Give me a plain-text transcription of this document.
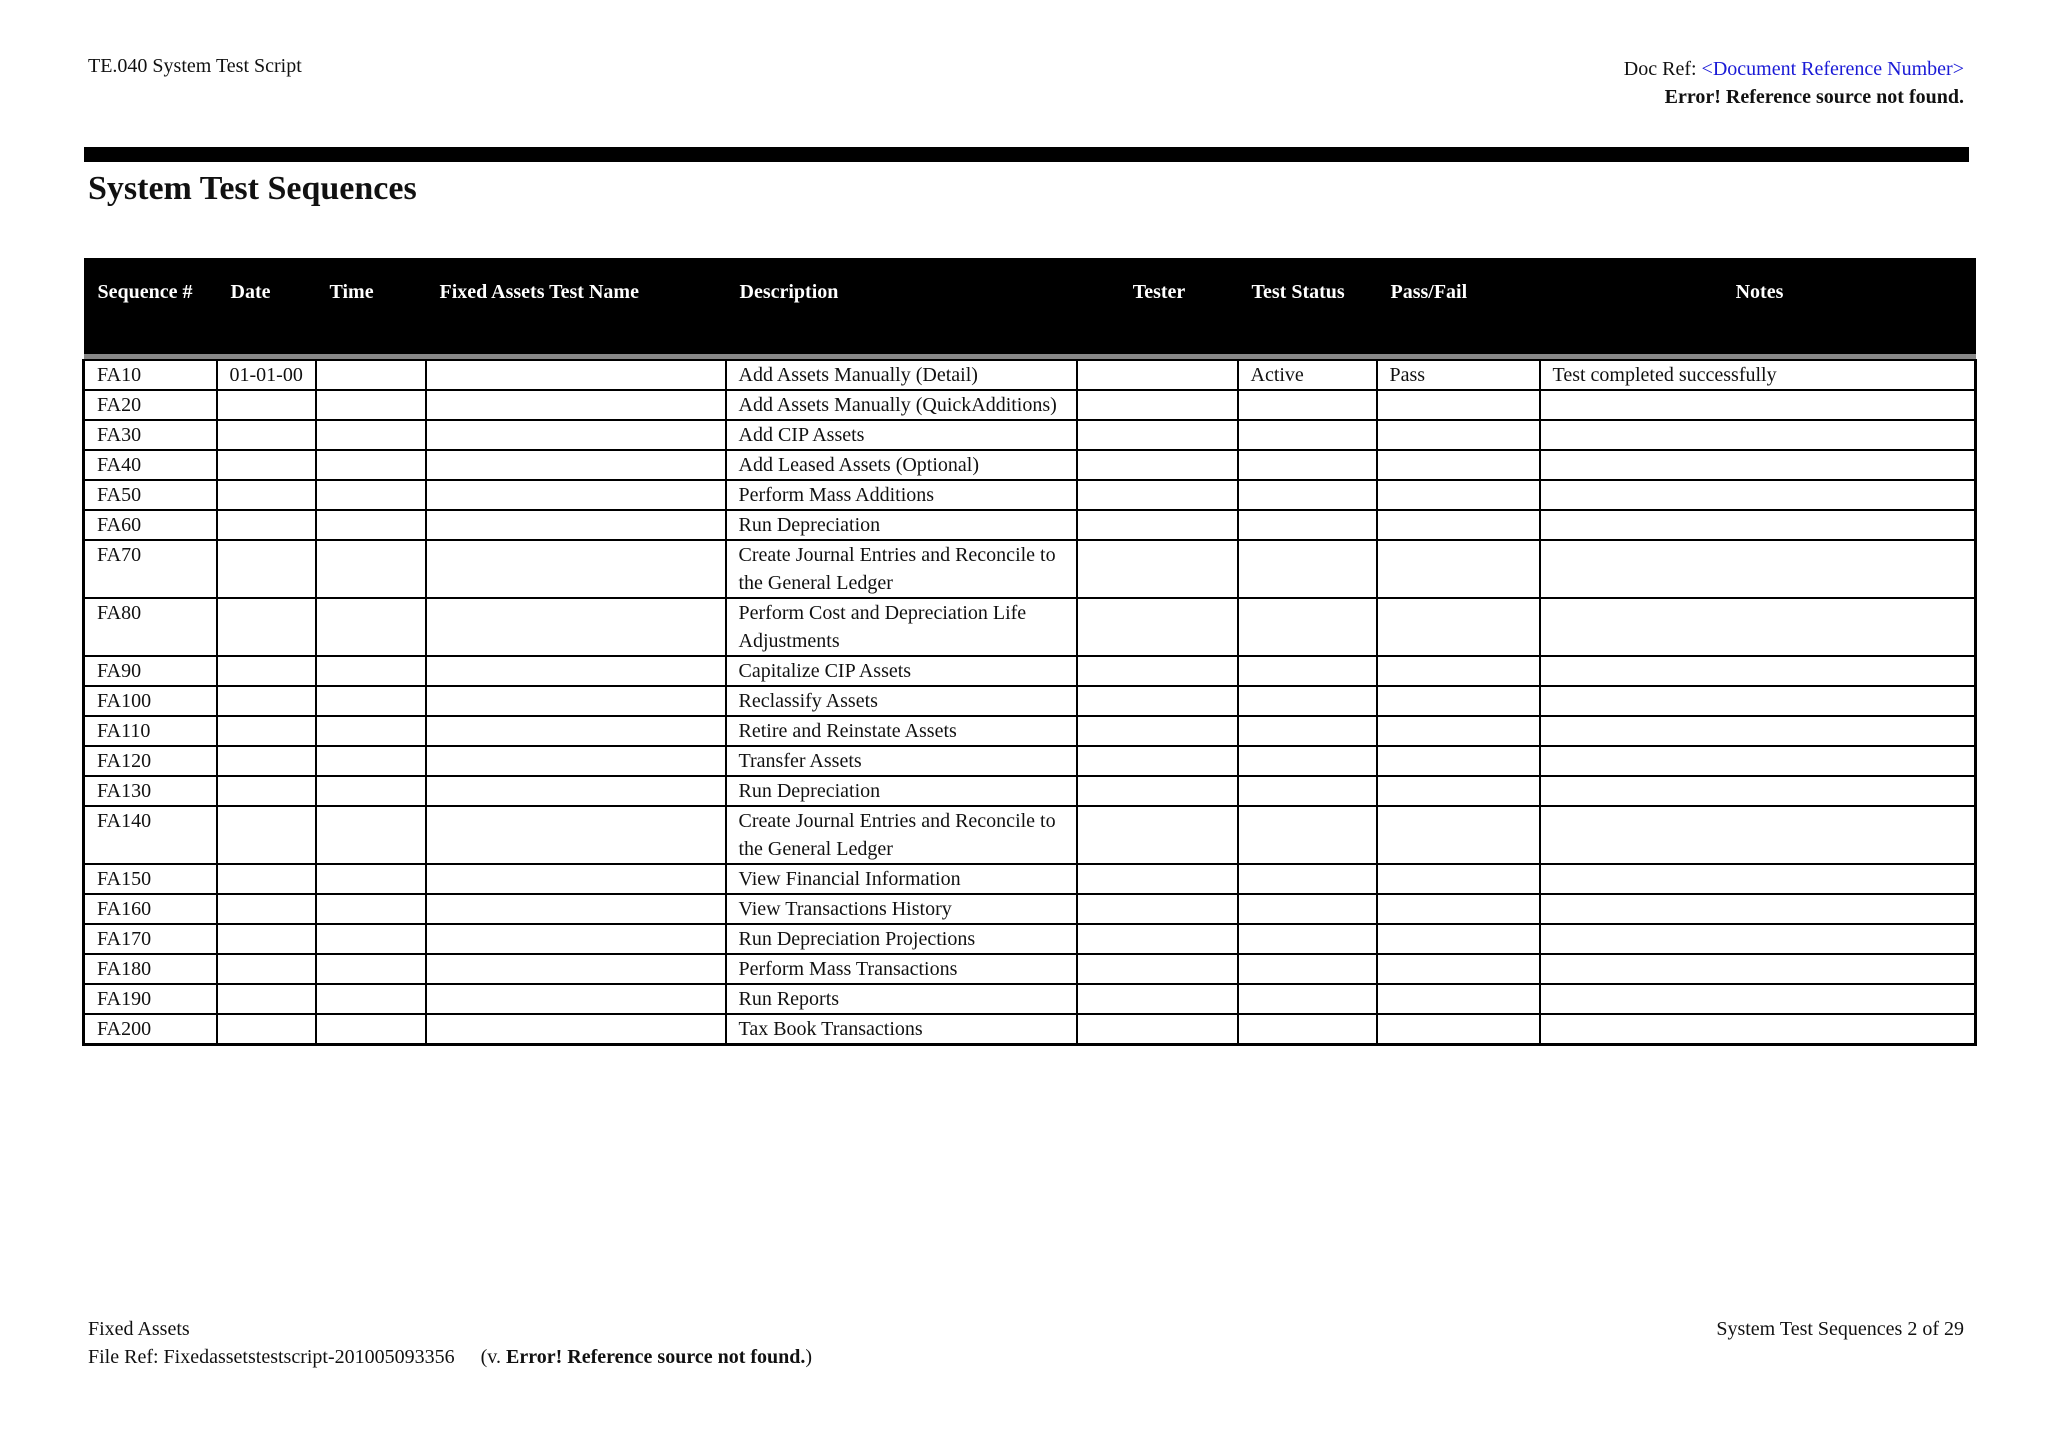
TE.040 System Test Script	Doc Ref: <Document Reference Number>
Error! Reference source not found.
System Test Sequences
Sequence #	Date	Time	Fixed Assets Test Name	Description	Tester	Test Status	Pass/Fail	Notes

FA10	01-01-00			Add Assets Manually (Detail)		Active	Pass	Test completed successfully
FA20				Add Assets Manually (QuickAdditions)				
FA30				Add CIP Assets				
FA40				Add Leased Assets (Optional)				
FA50				Perform Mass Additions				
FA60				Run Depreciation				
FA70				Create Journal Entries and Reconcile to the General Ledger				
FA80				Perform Cost and Depreciation Life Adjustments				
FA90				Capitalize CIP Assets				
FA100				Reclassify Assets				
FA110				Retire and Reinstate Assets				
FA120				Transfer Assets				
FA130				Run Depreciation				
FA140				Create Journal Entries and Reconcile to the General Ledger				
FA150				View Financial Information				
FA160				View Transactions History				
FA170				Run Depreciation Projections				
FA180				Perform Mass Transactions				
FA190				Run Reports				
FA200				Tax Book Transactions				
Fixed Assets
File Ref: Fixedassetstestscript-201005093356 (v. Error! Reference source not found.)
System Test Sequences 2 of 29
